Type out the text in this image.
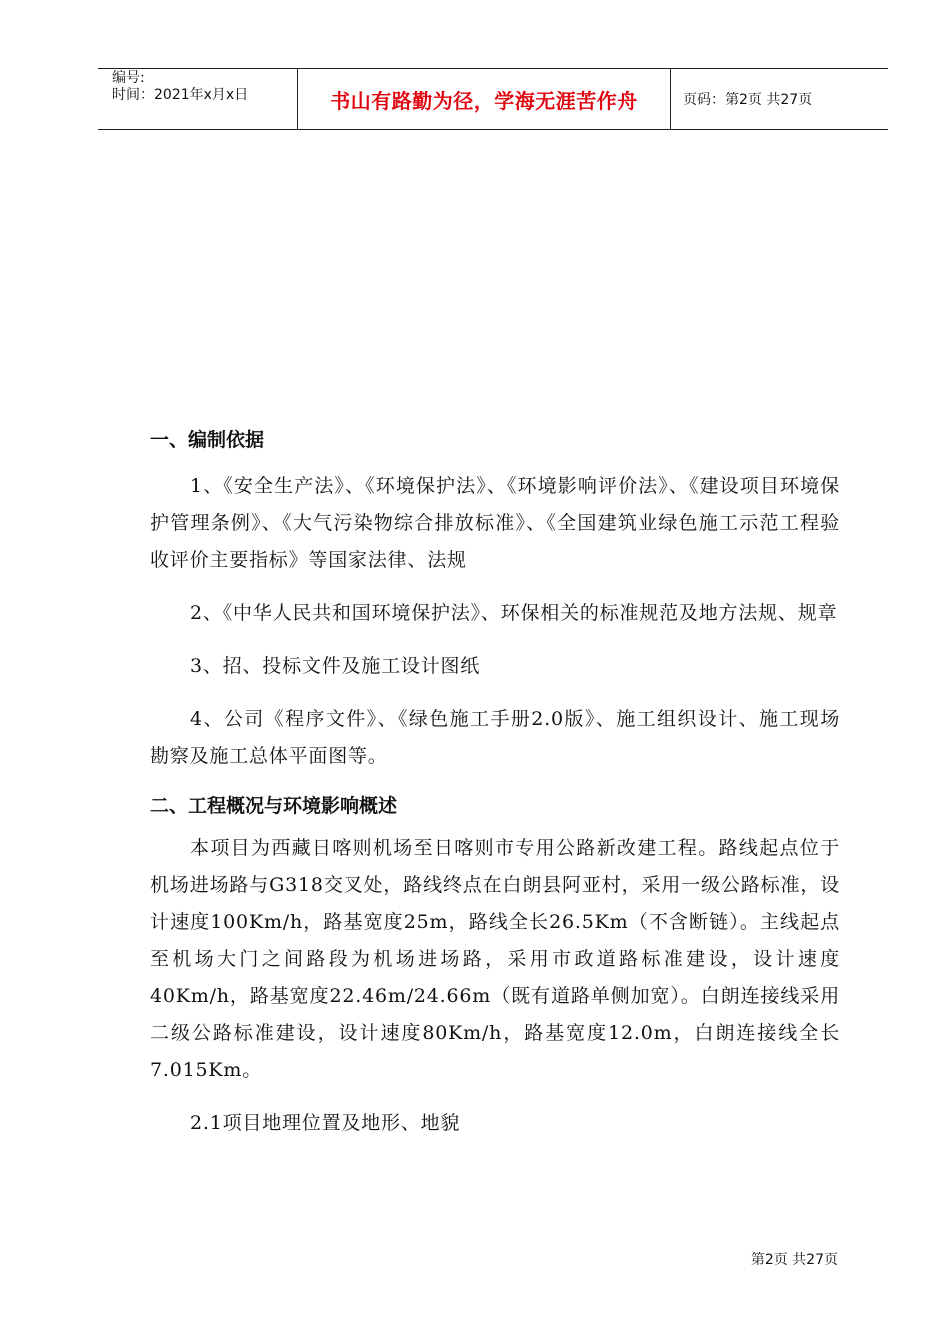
编号:
时间：2021年x月x日	书山有路勤为径，学海无涯苦作舟	页码：第2页 共27页
一、编制依据

1、《安全生产法》、《环境保护法》、《环境影响评价法》、《建设项目环境保护管理条例》、《大气污染物综合排放标准》、《全国建筑业绿色施工示范工程验收评价主要指标》等国家法律、法规

2、《中华人民共和国环境保护法》、环保相关的标准规范及地方法规、规章

3、招、投标文件及施工设计图纸

4、公司《程序文件》、《绿色施工手册2.0版》、施工组织设计、施工现场勘察及施工总体平面图等。

二、工程概况与环境影响概述

本项目为西藏日喀则机场至日喀则市专用公路新改建工程。路线起点位于机场进场路与G318交叉处，路线终点在白朗县阿亚村，采用一级公路标准，设计速度100Km/h，路基宽度25m，路线全长26.5Km（不含断链）。主线起点至机场大门之间路段为机场进场路，采用市政道路标准建设，设计速度40Km/h，路基宽度22.46m/24.66m（既有道路单侧加宽）。白朗连接线采用二级公路标准建设，设计速度80Km/h，路基宽度12.0m，白朗连接线全长7.015Km。

2.1项目地理位置及地形、地貌

第2页 共27页
